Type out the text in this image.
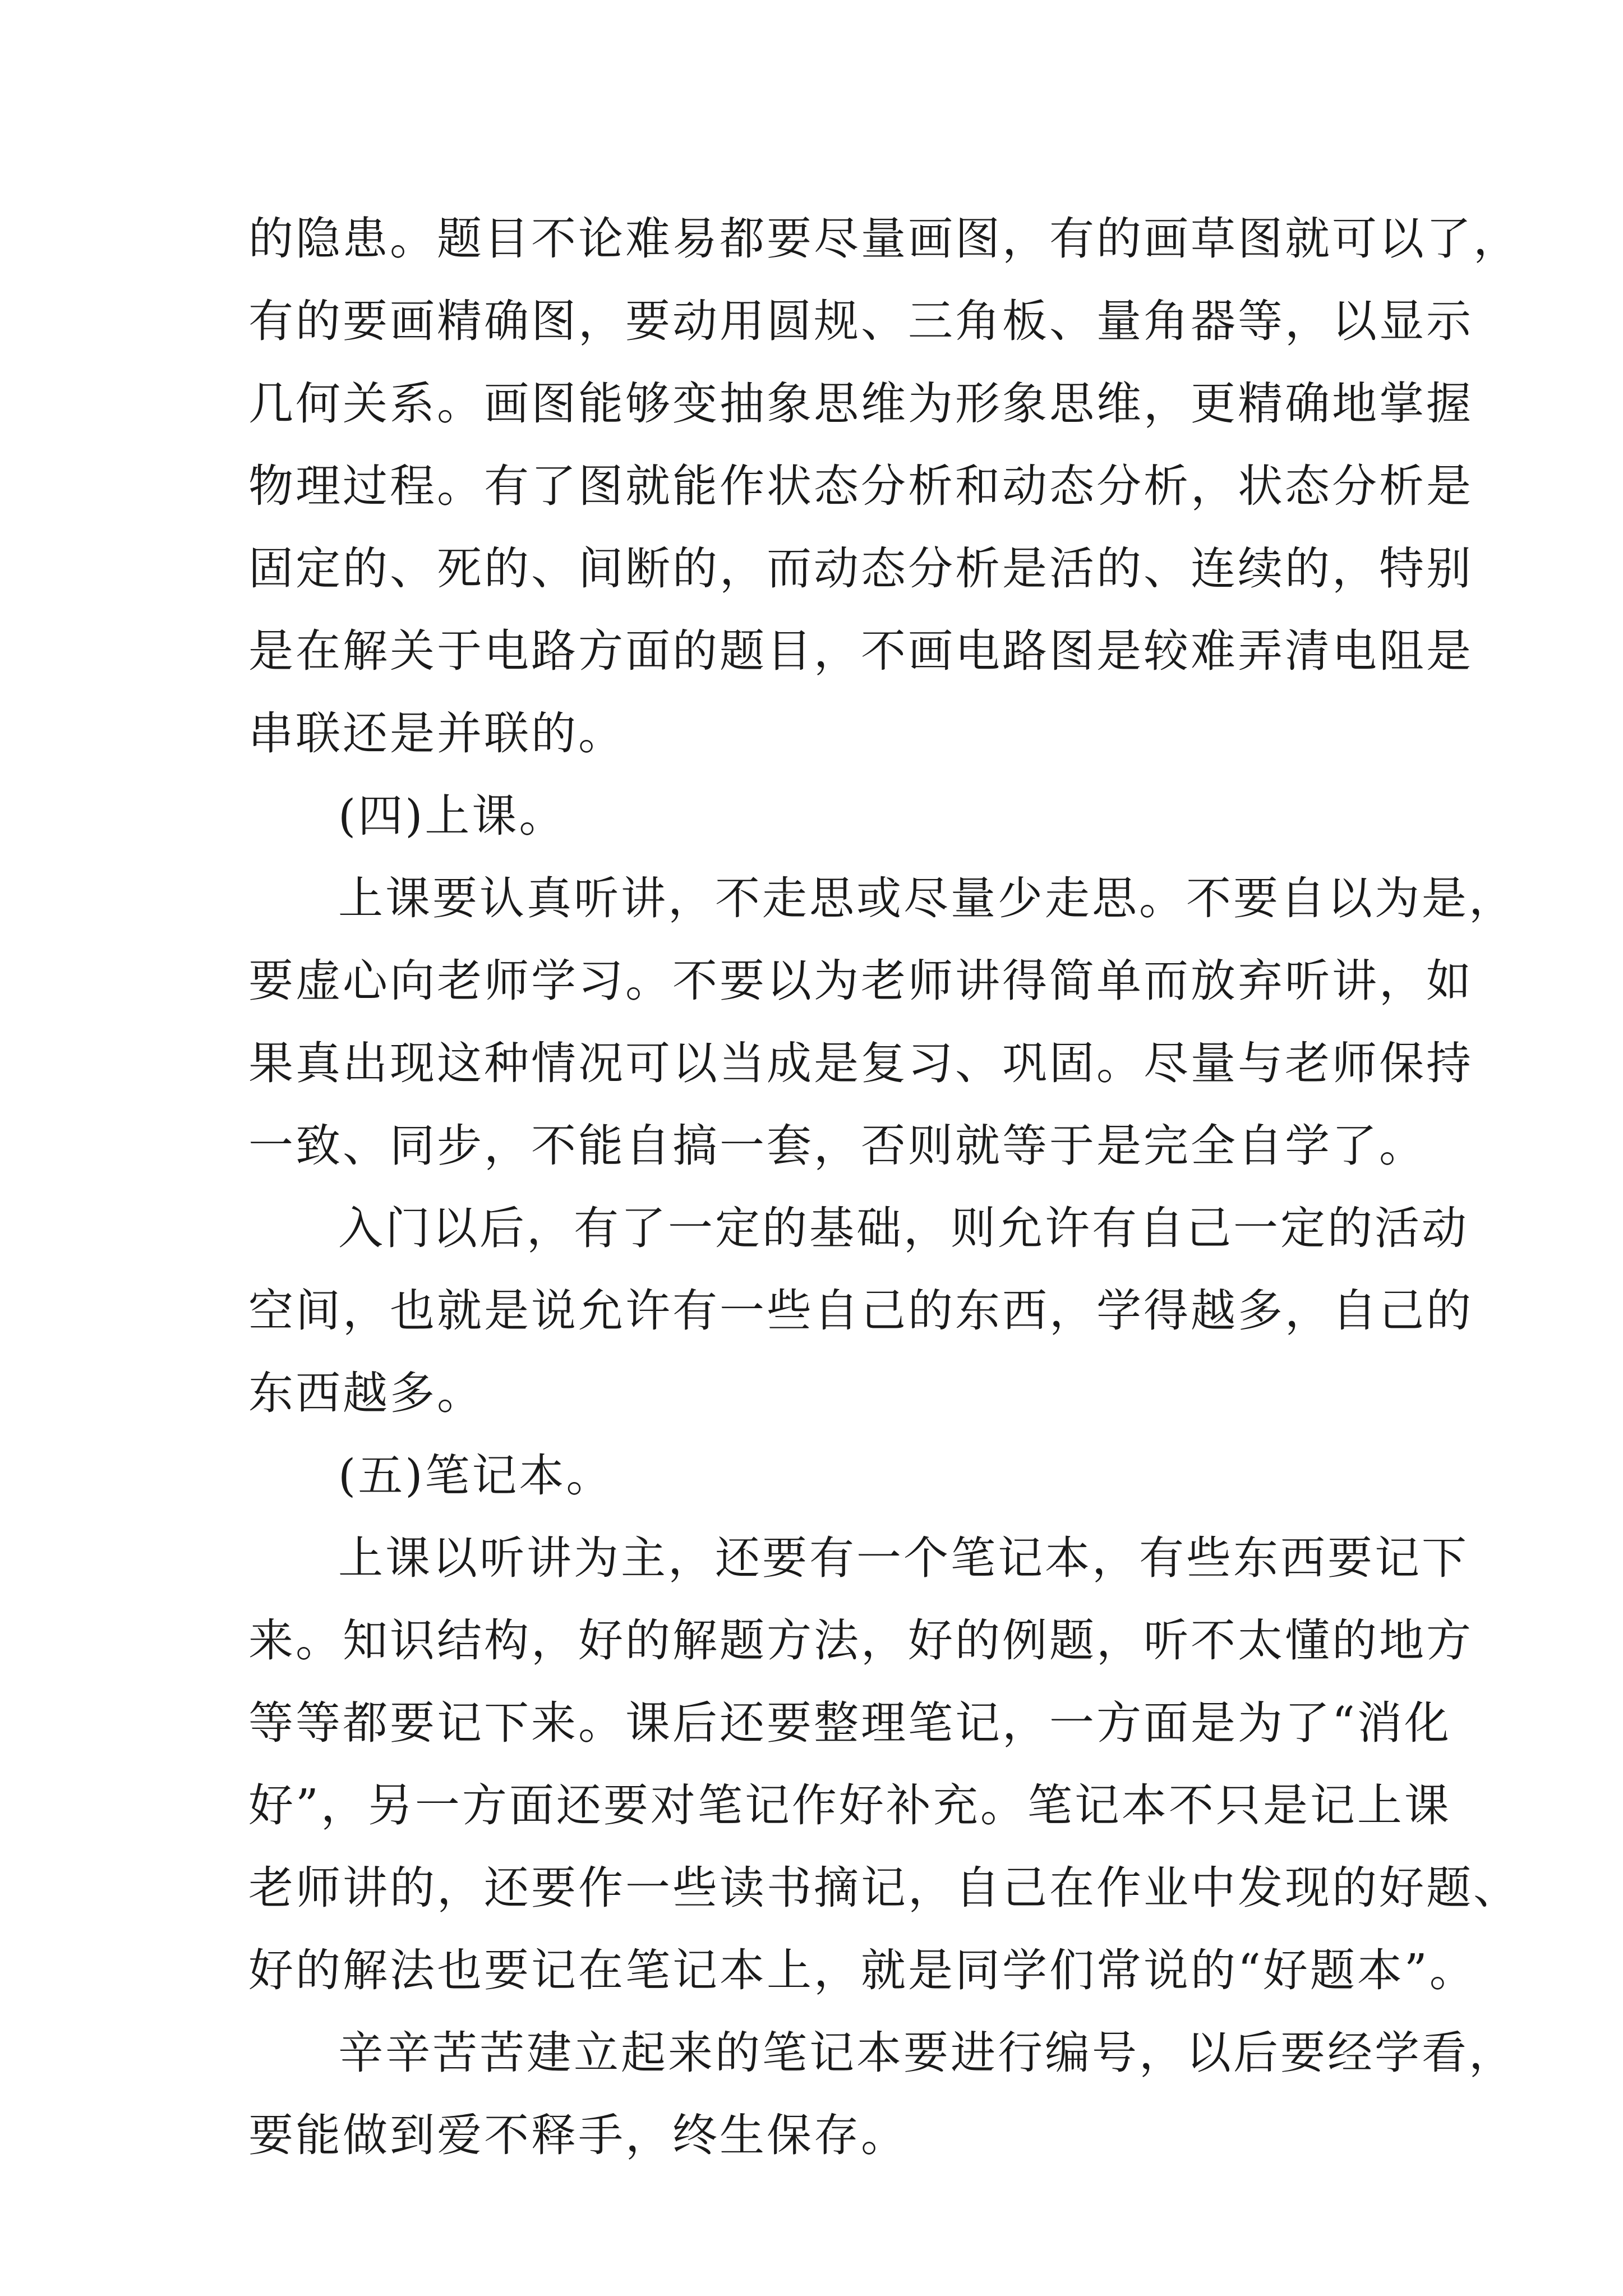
的隐患。题目不论难易都要尽量画图，有的画草图就可以了，
有的要画精确图，要动用圆规、三角板、量角器等，以显示
几何关系。画图能够变抽象思维为形象思维，更精确地掌握
物理过程。有了图就能作状态分析和动态分析，状态分析是
固定的、死的、间断的，而动态分析是活的、连续的，特别
是在解关于电路方面的题目，不画电路图是较难弄清电阻是
串联还是并联的。
(四)上课。
上课要认真听讲，不走思或尽量少走思。不要自以为是，
要虚心向老师学习。不要以为老师讲得简单而放弃听讲，如
果真出现这种情况可以当成是复习、巩固。尽量与老师保持
一致、同步，不能自搞一套，否则就等于是完全自学了。
入门以后，有了一定的基础，则允许有自己一定的活动
空间，也就是说允许有一些自己的东西，学得越多，自己的
东西越多。
(五)笔记本。
上课以听讲为主，还要有一个笔记本，有些东西要记下
来。知识结构，好的解题方法，好的例题，听不太懂的地方
等等都要记下来。课后还要整理笔记，一方面是为了“消化
好”，另一方面还要对笔记作好补充。笔记本不只是记上课
老师讲的，还要作一些读书摘记，自己在作业中发现的好题、
好的解法也要记在笔记本上，就是同学们常说的“好题本”。
辛辛苦苦建立起来的笔记本要进行编号，以后要经学看，
要能做到爱不释手，终生保存。
